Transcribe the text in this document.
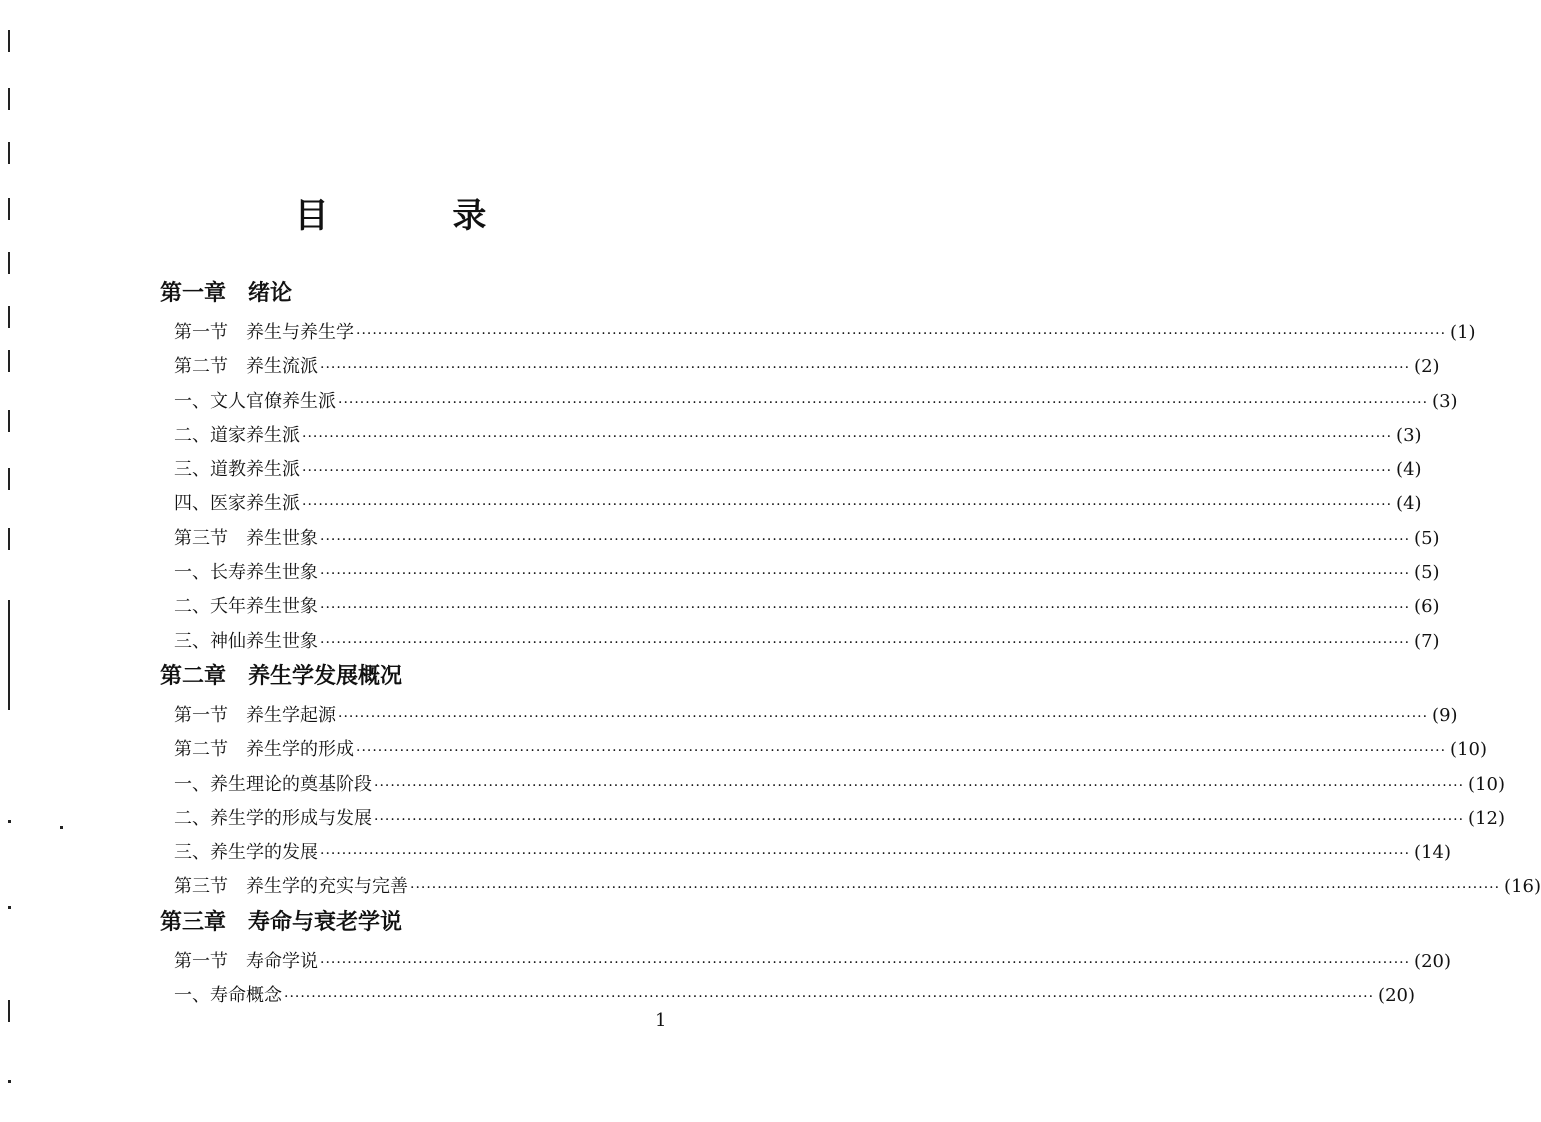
目 录
第一章　绪论
第一节　养生与养生学 ········································································································································································································ (1)
第二节　养生流派 ········································································································································································································ (2)
一、文人官僚养生派 ········································································································································································································ (3)
二、道家养生派 ········································································································································································································ (3)
三、道教养生派 ········································································································································································································ (4)
四、医家养生派 ········································································································································································································ (4)
第三节　养生世象 ········································································································································································································ (5)
一、长寿养生世象 ········································································································································································································ (5)
二、夭年养生世象 ········································································································································································································ (6)
三、神仙养生世象 ········································································································································································································ (7)
第二章　养生学发展概况
第一节　养生学起源 ········································································································································································································ (9)
第二节　养生学的形成 ········································································································································································································ (10)
一、养生理论的奠基阶段 ········································································································································································································ (10)
二、养生学的形成与发展 ········································································································································································································ (12)
三、养生学的发展 ········································································································································································································ (14)
第三节　养生学的充实与完善 ········································································································································································································ (16)
第三章　寿命与衰老学说
第一节　寿命学说 ········································································································································································································ (20)
一、寿命概念 ········································································································································································································ (20)
1
